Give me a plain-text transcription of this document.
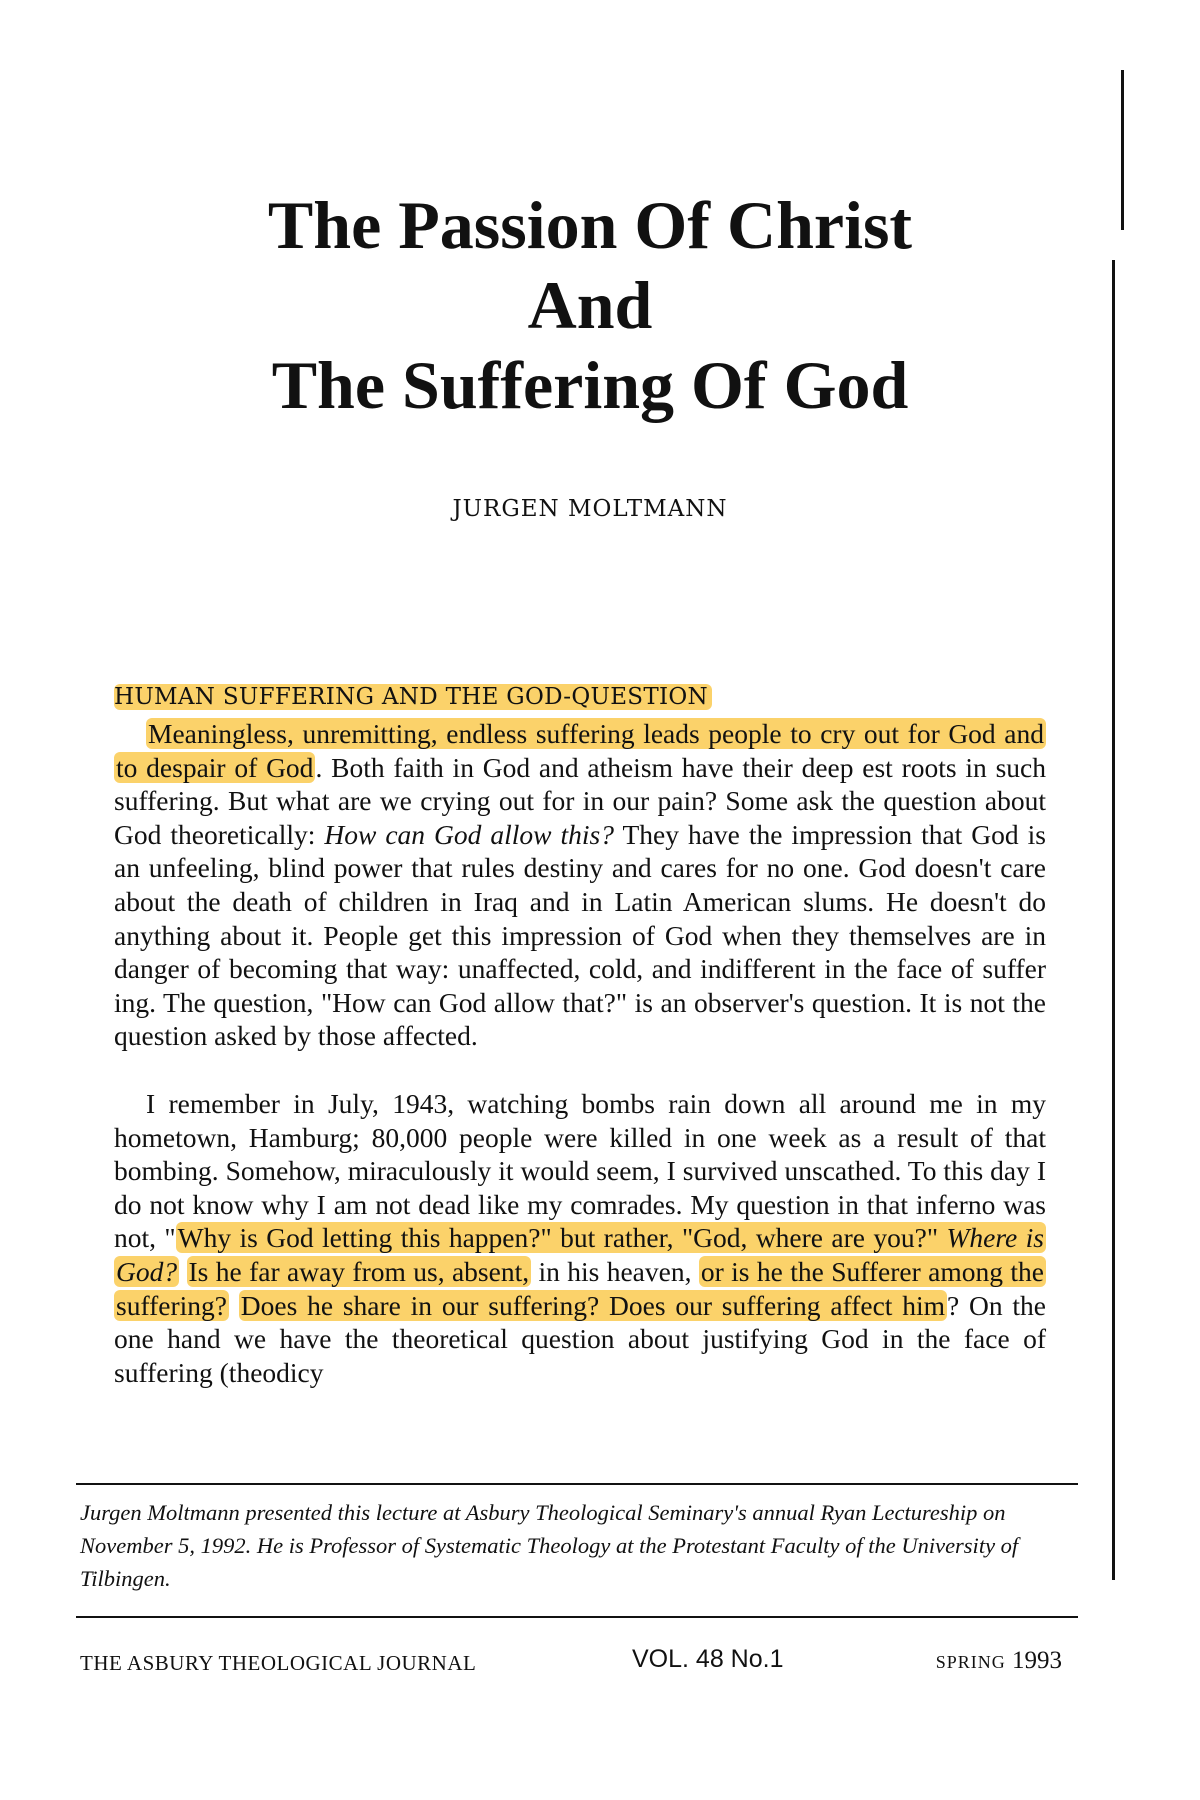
The Passion Of Christ
And
The Suffering Of God
JURGEN MOLTMANN
HUMAN SUFFERING AND THE GOD-QUESTION

Meaningless, unremitting, endless suffering leads people to cry out for God and to despair of God. Both faith in God and atheism have their deep est roots in such suffering. But what are we crying out for in our pain? Some ask the question about God theoretically: How can God allow this? They have the impression that God is an unfeeling, blind power that rules destiny and cares for no one. God doesn't care about the death of children in Iraq and in Latin American slums. He doesn't do anything about it. People get this impression of God when they themselves are in danger of becoming that way: unaffected, cold, and indifferent in the face of suffer ing. The question, "How can God allow that?" is an observer's question. It is not the question asked by those affected.

I remember in July, 1943, watching bombs rain down all around me in my hometown, Hamburg; 80,000 people were killed in one week as a result of that bombing. Somehow, miraculously it would seem, I survived unscathed. To this day I do not know why I am not dead like my comrades. My question in that inferno was not, "Why is God letting this happen?" but rather, "God, where are you?" Where is God? Is he far away from us, absent, in his heaven, or is he the Sufferer among the suffering? Does he share in our suffering? Does our suffering affect him? On the one hand we have the theoretical question about justifying God in the face of suffering (theodicy

Jurgen Moltmann presented this lecture at Asbury Theological Seminary's annual Ryan Lectureship on November 5, 1992. He is Professor of Systematic Theology at the Protestant Faculty of the University of Tilbingen.

THE ASBURY THEOLOGICAL JOURNAL	VOL. 48 No.1	SPRING 1993
